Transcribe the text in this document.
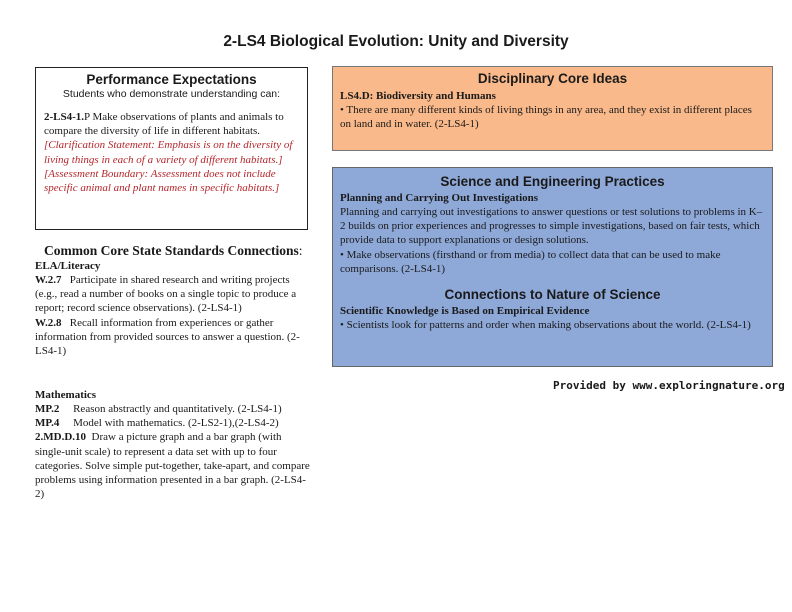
2-LS4 Biological Evolution: Unity and Diversity
Performance Expectations
Students who demonstrate understanding can:

2-LS4-1.P Make observations of plants and animals to compare the diversity of life in different habitats.

[Clarification Statement: Emphasis is on the diversity of living things in each of a variety of different habitats.] [Assessment Boundary: Assessment does not include specific animal and plant names in specific habitats.]

Disciplinary Core Ideas
LS4.D: Biodiversity and Humans

• There are many different kinds of living things in any area, and they exist in different places on land and in water. (2-LS4-1)

Science and Engineering Practices
Planning and Carrying Out Investigations

Planning and carrying out investigations to answer questions or test solutions to problems in K–2 builds on prior experiences and progresses to simple investigations, based on fair tests, which provide data to support explanations or design solutions.

• Make observations (firsthand or from media) to collect data that can be used to make comparisons. (2-LS4-1)

Connections to Nature of Science
Scientific Knowledge is Based on Empirical Evidence

• Scientists look for patterns and order when making observations about the world. (2-LS4-1)

Common Core State Standards Connections:
ELA/Literacy

W.2.7 Participate in shared research and writing projects (e.g., read a number of books on a single topic to produce a report; record science observations). (2-LS4-1)

W.2.8 Recall information from experiences or gather information from provided sources to answer a question. (2-LS4-1)

Mathematics

MP.2 Reason abstractly and quantitatively. (2-LS4-1)

MP.4 Model with mathematics. (2-LS2-1),(2-LS4-2)

2.MD.D.10 Draw a picture graph and a bar graph (with single-unit scale) to represent a data set with up to four categories. Solve simple put-together, take-apart, and compare problems using information presented in a bar graph. (2-LS4-2)

Provided by www.exploringnature.org
